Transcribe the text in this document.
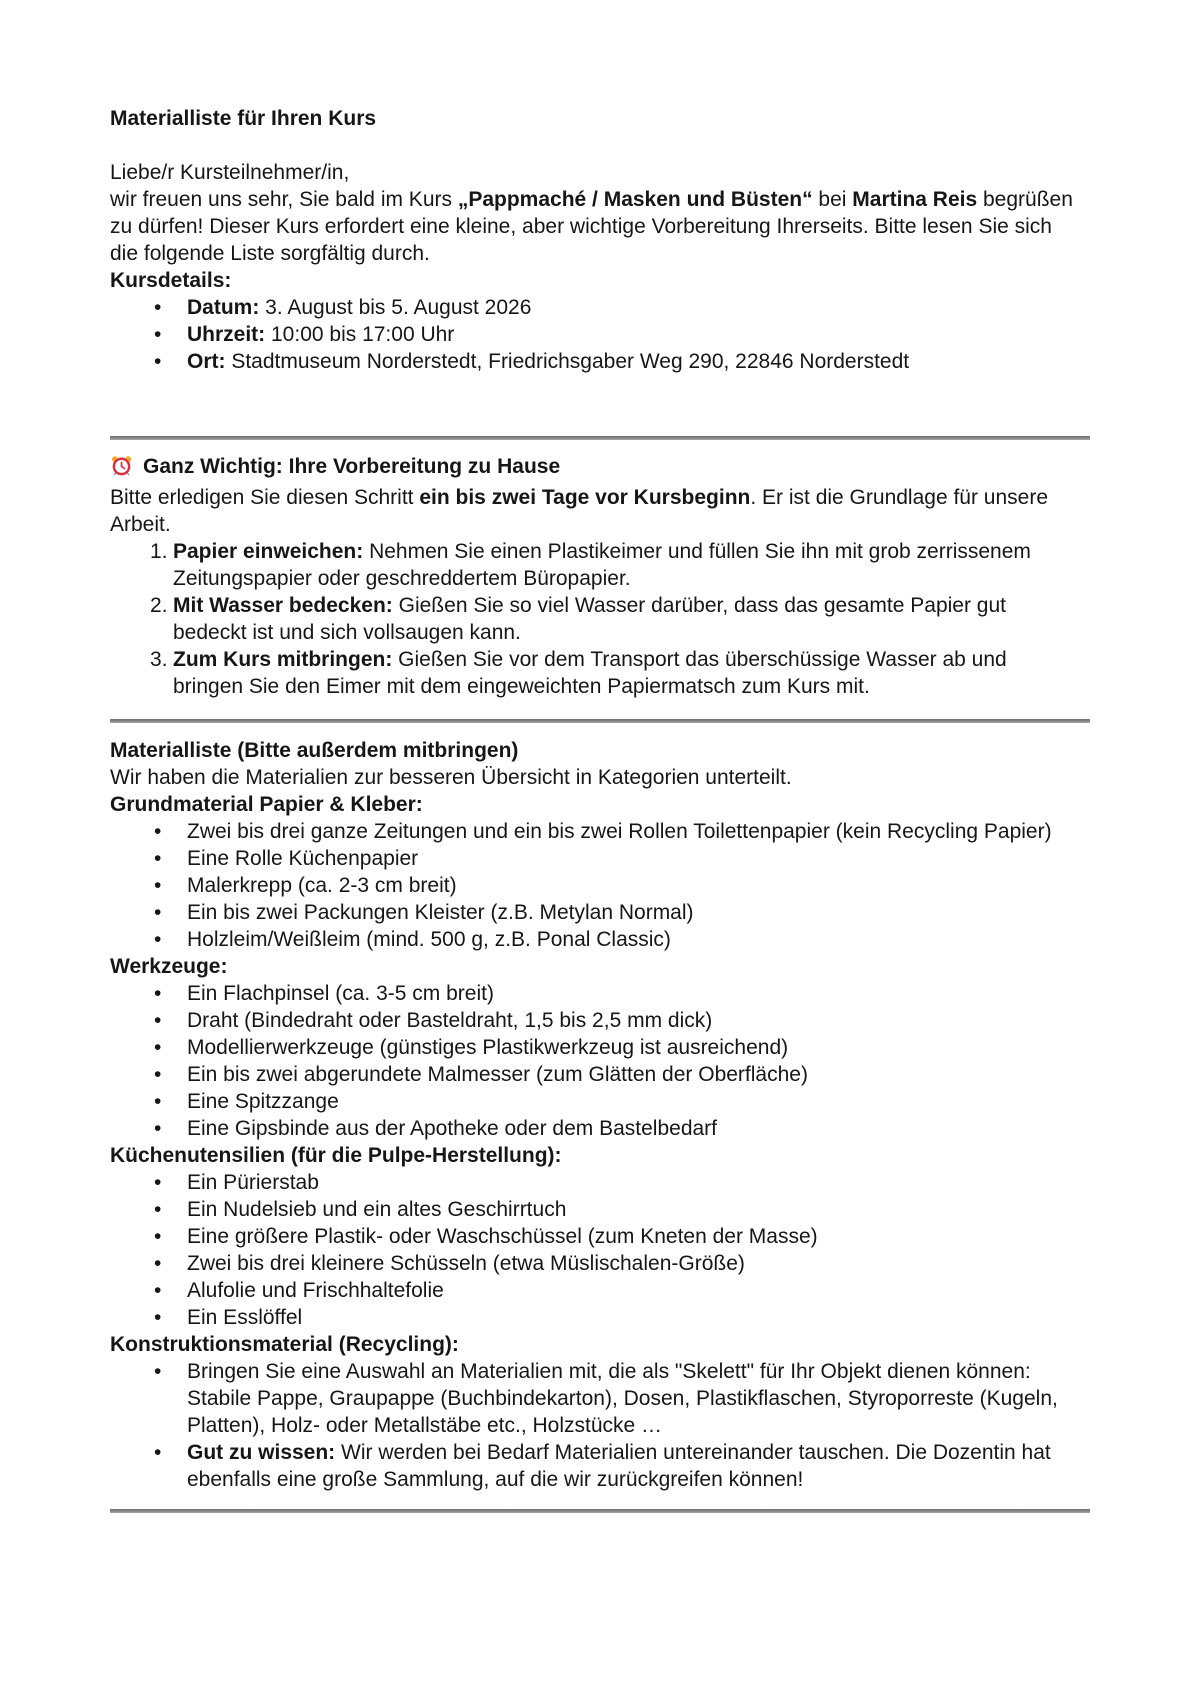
Materialliste für Ihren Kurs

Liebe/r Kursteilnehmer/in,

wir freuen uns sehr, Sie bald im Kurs „Pappmaché / Masken und Büsten“ bei Martina Reis begrüßen zu dürfen! Dieser Kurs erfordert eine kleine, aber wichtige Vorbereitung Ihrerseits. Bitte lesen Sie sich die folgende Liste sorgfältig durch.

Kursdetails:

• Datum: 3. August bis 5. August 2026
• Uhrzeit: 10:00 bis 17:00 Uhr
• Ort: Stadtmuseum Norderstedt, Friedrichsgaber Weg 290, 22846 Norderstedt
Ganz Wichtig: Ihre Vorbereitung zu Hause

Bitte erledigen Sie diesen Schritt ein bis zwei Tage vor Kursbeginn. Er ist die Grundlage für unsere Arbeit.

Papier einweichen: Nehmen Sie einen Plastikeimer und füllen Sie ihn mit grob zerrissenem Zeitungspapier oder geschreddertem Büropapier.
Mit Wasser bedecken: Gießen Sie so viel Wasser darüber, dass das gesamte Papier gut bedeckt ist und sich vollsaugen kann.
Zum Kurs mitbringen: Gießen Sie vor dem Transport das überschüssige Wasser ab und bringen Sie den Eimer mit dem eingeweichten Papiermatsch zum Kurs mit.

Materialliste (Bitte außerdem mitbringen)

Wir haben die Materialien zur besseren Übersicht in Kategorien unterteilt.

Grundmaterial Papier & Kleber:

• Zwei bis drei ganze Zeitungen und ein bis zwei Rollen Toilettenpapier (kein Recycling Papier)
• Eine Rolle Küchenpapier
• Malerkrepp (ca. 2-3 cm breit)
• Ein bis zwei Packungen Kleister (z.B. Metylan Normal)
• Holzleim/Weißleim (mind. 500 g, z.B. Ponal Classic)

Werkzeuge:

• Ein Flachpinsel (ca. 3-5 cm breit)
• Draht (Bindedraht oder Basteldraht, 1,5 bis 2,5 mm dick)
• Modellierwerkzeuge (günstiges Plastikwerkzeug ist ausreichend)
• Ein bis zwei abgerundete Malmesser (zum Glätten der Oberfläche)
• Eine Spitzzange
• Eine Gipsbinde aus der Apotheke oder dem Bastelbedarf

Küchenutensilien (für die Pulpe-Herstellung):

• Ein Pürierstab
• Ein Nudelsieb und ein altes Geschirrtuch
• Eine größere Plastik- oder Waschschüssel (zum Kneten der Masse)
• Zwei bis drei kleinere Schüsseln (etwa Müslischalen-Größe)
• Alufolie und Frischhaltefolie
• Ein Esslöffel

Konstruktionsmaterial (Recycling):

• Bringen Sie eine Auswahl an Materialien mit, die als "Skelett" für Ihr Objekt dienen können: Stabile Pappe, Graupappe (Buchbindekarton), Dosen, Plastikflaschen, Styroporreste (Kugeln, Platten), Holz- oder Metallstäbe etc., Holzstücke …
• Gut zu wissen: Wir werden bei Bedarf Materialien untereinander tauschen. Die Dozentin hat ebenfalls eine große Sammlung, auf die wir zurückgreifen können!
